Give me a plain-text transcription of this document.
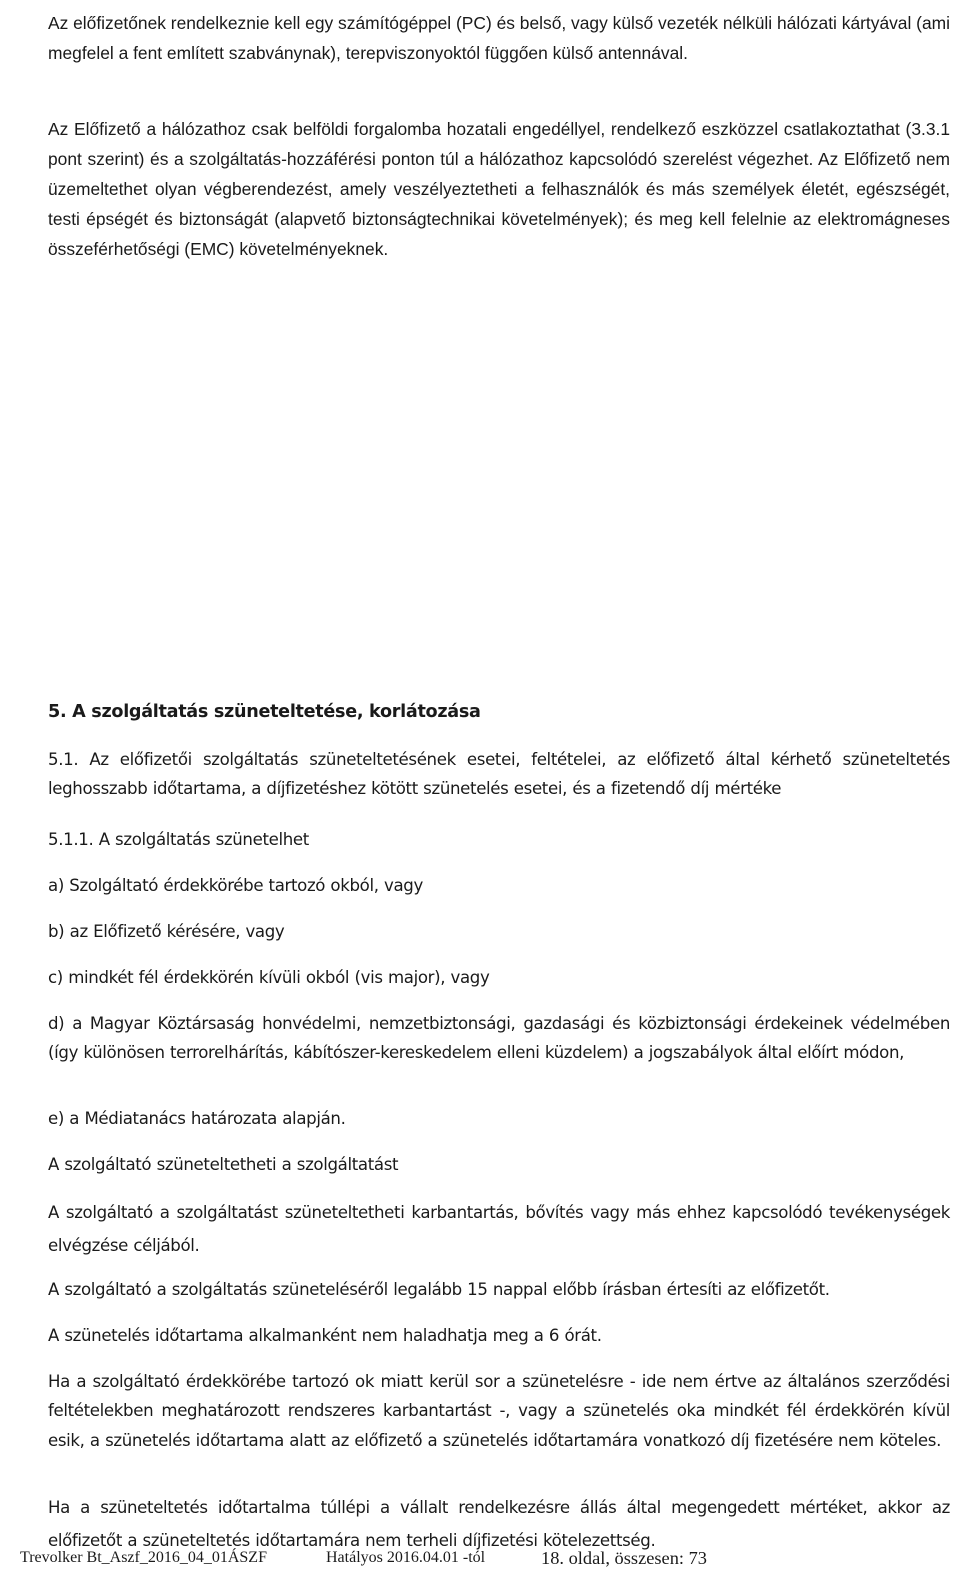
Az előfizetőnek rendelkeznie kell egy számítógéppel (PC) és belső, vagy külső vezeték nélküli hálózati kártyával (ami megfelel a fent említett szabványnak), terepviszonyoktól függően külső antennával.

Az Előfizető a hálózathoz csak belföldi forgalomba hozatali engedéllyel, rendelkező eszközzel csatlakoztathat (3.3.1 pont szerint) és a szolgáltatás-hozzáférési ponton túl a hálózathoz kapcsolódó szerelést végezhet. Az Előfizető nem üzemeltethet olyan végberendezést, amely veszélyeztetheti a felhasználók és más személyek életét, egészségét, testi épségét és biztonságát (alapvető biztonságtechnikai követelmények); és meg kell felelnie az elektromágneses összeférhetőségi (EMC) követelményeknek.

5. A szolgáltatás szüneteltetése, korlátozása

5.1. Az előfizetői szolgáltatás szüneteltetésének esetei, feltételei, az előfizető által kérhető szüneteltetés leghosszabb időtartama, a díjfizetéshez kötött szünetelés esetei, és a fizetendő díj mértéke

5.1.1. A szolgáltatás szünetelhet

a) Szolgáltató érdekkörébe tartozó okból, vagy

b) az Előfizető kérésére, vagy

c) mindkét fél érdekkörén kívüli okból (vis major), vagy

d) a Magyar Köztársaság honvédelmi, nemzetbiztonsági, gazdasági és közbiztonsági érdekeinek védelmében (így különösen terrorelhárítás, kábítószer-kereskedelem elleni küzdelem) a jogszabályok által előírt módon,

e) a Médiatanács határozata alapján.

A szolgáltató szüneteltetheti a szolgáltatást

A szolgáltató a szolgáltatást szüneteltetheti karbantartás, bővítés vagy más ehhez kapcsolódó tevékenységek elvégzése céljából.

A szolgáltató a szolgáltatás szüneteléséről legalább 15 nappal előbb írásban értesíti az előfizetőt.

A szünetelés időtartama alkalmanként nem haladhatja meg a 6 órát.

Ha a szolgáltató érdekkörébe tartozó ok miatt kerül sor a szünetelésre - ide nem értve az általános szerződési feltételekben meghatározott rendszeres karbantartást -, vagy a szünetelés oka mindkét fél érdekkörén kívül esik, a szünetelés időtartama alatt az előfizető a szünetelés időtartamára vonatkozó díj fizetésére nem köteles.

Ha a szüneteltetés időtartalma túllépi a vállalt rendelkezésre állás által megengedett mértéket, akkor az előfizetőt a szüneteltetés időtartamára nem terheli díjfizetési kötelezettség.

Trevolker Bt_Aszf_2016_04_01ÁSZF	Hatályos 2016.04.01 -tól	18. oldal, összesen: 73
